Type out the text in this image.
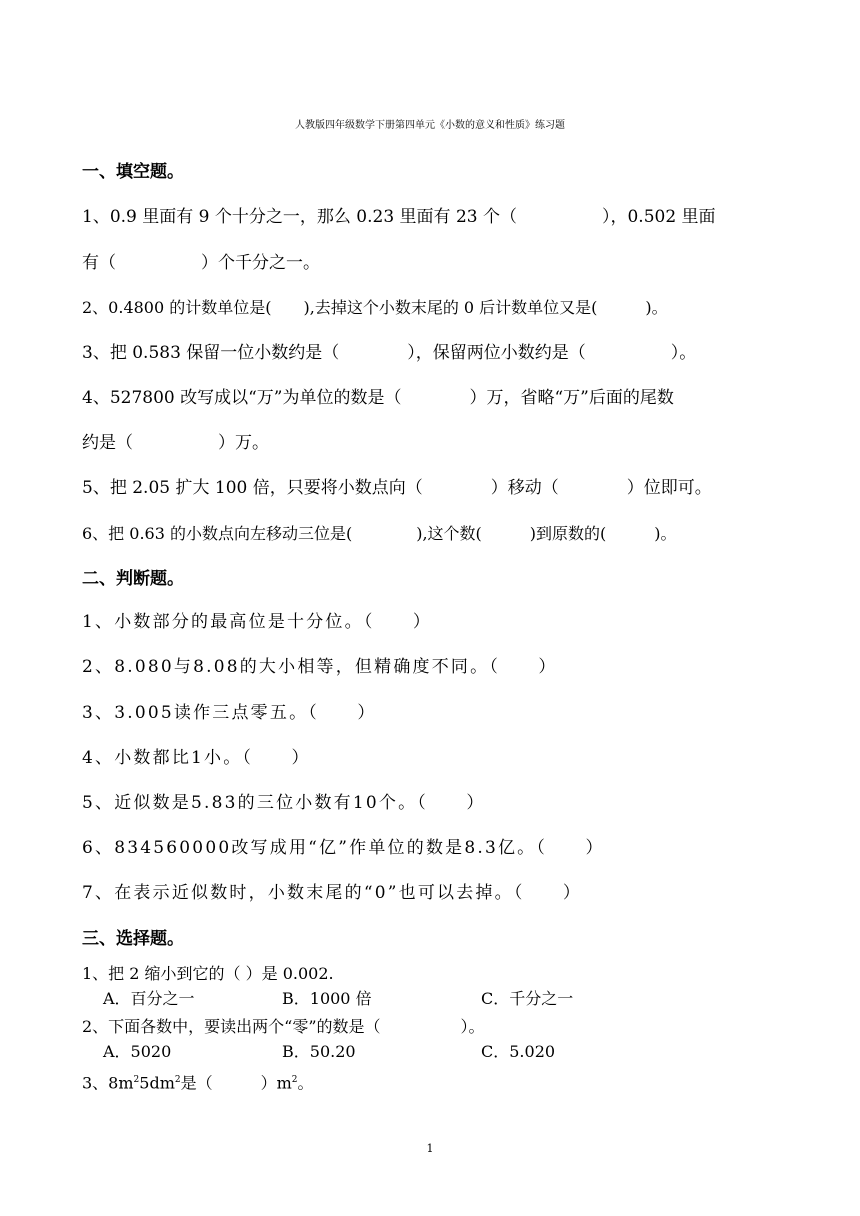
人教版四年级数学下册第四单元《小数的意义和性质》练习题
一、填空题。
1、0.9 里面有 9 个十分之一，那么 0.23 里面有 23 个（　　　　　），0.502 里面
有（　　　　　）个千分之一。
2、0.4800 的计数单位是(　　),去掉这个小数末尾的 0 后计数单位又是(　　　)。
3、把 0.583 保留一位小数约是（　　　　），保留两位小数约是（　　　　　）。
4、527800 改写成以“万”为单位的数是（　　　　）万，省略“万”后面的尾数
约是（　　　　　）万。
5、把 2.05 扩大 100 倍，只要将小数点向（　　　　）移动（　　　　）位即可。
6、把 0.63 的小数点向左移动三位是(　　　　),这个数(　　　)到原数的(　　　)。
二、判断题。
1、小数部分的最高位是十分位。（　　）
2、8.080与8.08的大小相等，但精确度不同。（　　）
3、3.005读作三点零五。（　　）
4、小数都比1小。（　　）
5、近似数是5.83的三位小数有10个。（　　）
6、834560000改写成用“亿”作单位的数是8.3亿。（　　）
7、在表示近似数时，小数末尾的“0”也可以去掉。（　　）
三、选择题。
1、把 2 缩小到它的（ ）是 0.002.
A．百分之一	B．1000 倍	C．千分之一
2、下面各数中，要读出两个“零”的数是（　　　　　）。
A．5020	B．50.20	C．5.020
3、$8m^25dm^2$是（　　　）$m^2$。
1
